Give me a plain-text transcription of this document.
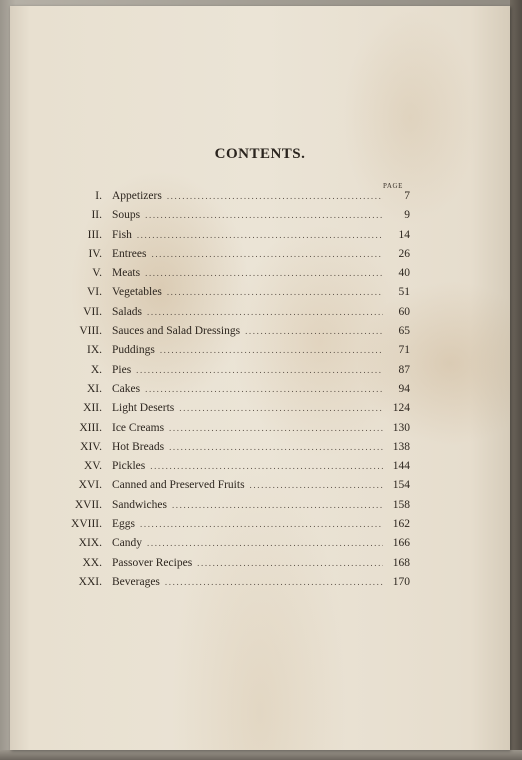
CONTENTS.
PAGE
I. Appetizers .....	7
II. Soups .....	9
III. Fish .....	14
IV. Entrees .....	26
V. Meats .....	40
VI. Vegetables .....	51
VII. Salads .....	60
VIII. Sauces and Salad Dressings .....	65
IX. Puddings .....	71
X. Pies .....	87
XI. Cakes .....	94
XII. Light Deserts .....	124
XIII. Ice Creams .....	130
XIV. Hot Breads .....	138
XV. Pickles .....	144
XVI. Canned and Preserved Fruits .....	154
XVII. Sandwiches .....	158
XVIII. Eggs .....	162
XIX. Candy .....	166
XX. Passover Recipes .....	168
XXI. Beverages .....	170
